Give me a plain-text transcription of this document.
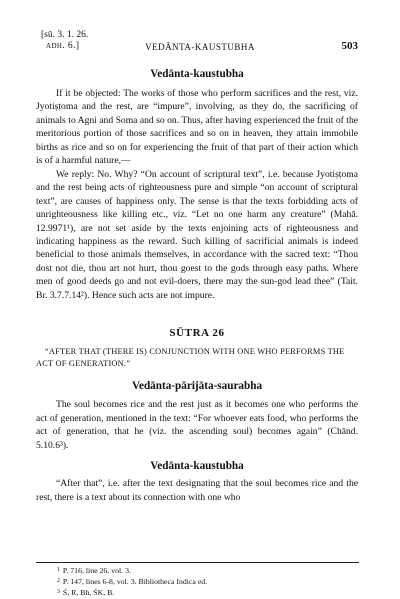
[sū. 3. 1. 26.
adh. 6.]	VEDĀNTA-KAUSTUBHA	503
Vedānta-kaustubha

If it be objected: The works of those who perform sacrifices and the rest, viz. Jyotiṣṭoma and the rest, are “impure”, involving, as they do, the sacrificing of animals to Agni and Soma and so on. Thus, after having experienced the fruit of the meritorious portion of those sacrifices and so on in heaven, they attain immobile births as rice and so on for experiencing the fruit of that part of their action which is of a harmful nature,—

We reply: No. Why? “On account of scriptural text”, i.e. because Jyotiṣṭoma and the rest being acts of righteousness pure and simple “on account of scriptural text”, are causes of happiness only. The sense is that the texts forbidding acts of unrighteousness like killing etc., viz. “Let no one harm any creature” (Mahā. 12.9971¹), are not set aside by the texts enjoining acts of righteousness and indicating happiness as the reward. Such killing of sacrificial animals is indeed beneficial to those animals themselves, in accordance with the sacred text: “Thou dost not die, thou art not hurt, thou goest to the gods through easy paths. Where men of good deeds go and not evil-doers, there may the sun-god lead thee” (Tait. Br. 3.7.7.14²). Hence such acts are not impure.

SŪTRA 26

“AFTER THAT (THERE IS) CONJUNCTION WITH ONE WHO PERFORMS THE ACT OF GENERATION.”

Vedānta-pārijāta-saurabha

The soul becomes rice and the rest just as it becomes one who performs the act of generation, mentioned in the text: “For whoever eats food, who performs the act of generation, that he (viz. the ascending soul) becomes again” (Chānd. 5.10.6³).

Vedānta-kaustubha

“After that”, i.e. after the text designating that the soul becomes rice and the rest, there is a text about its connection with one who

$^1$ P. 716, line 26, vol. 3.
$^2$ P. 147, lines 6-8, vol. 3. Bibliotheca Indica ed.
$^3$ Ś, R, Bh, ŚK, B.
